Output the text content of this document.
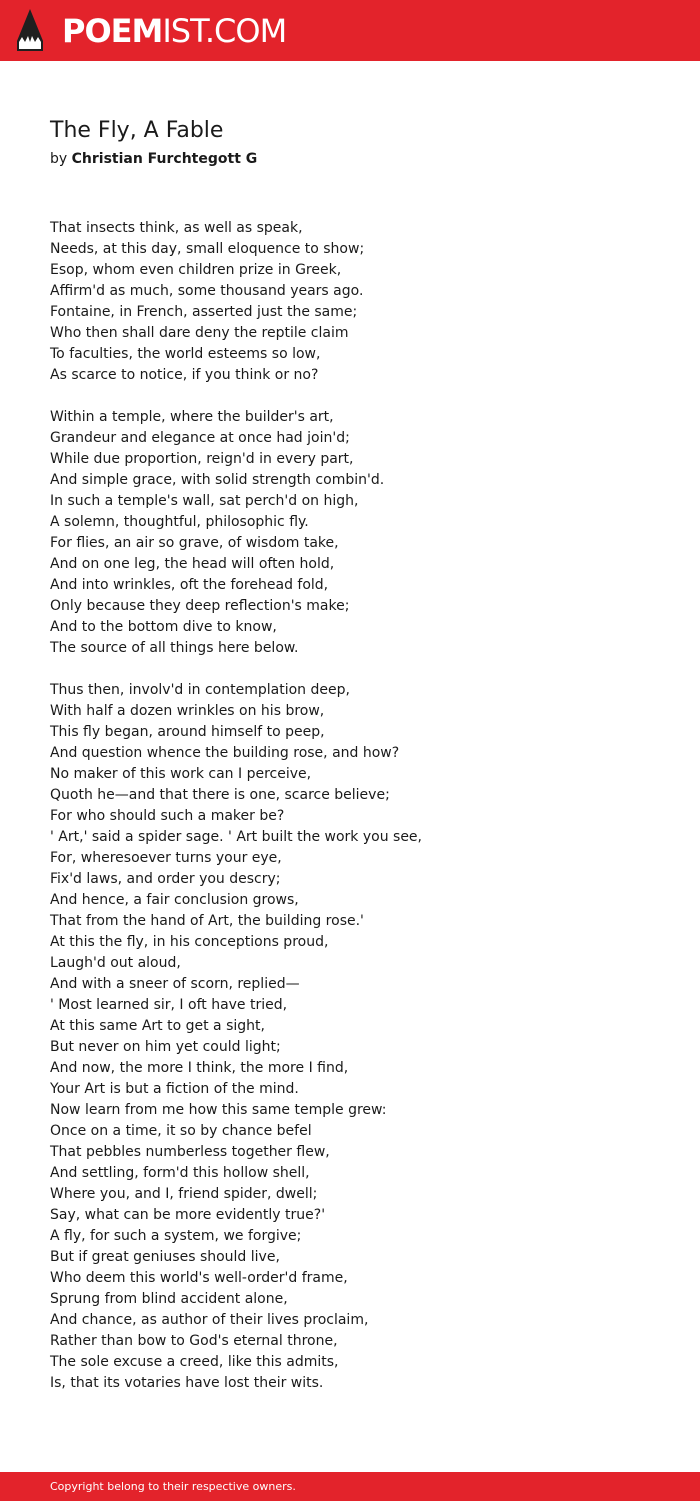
POEMIST.COM
The Fly, A Fable
by Christian Furchtegott G
That insects think, as well as speak,
Needs, at this day, small eloquence to show;
Esop, whom even children prize in Greek,
Affirm'd as much, some thousand years ago.
Fontaine, in French, asserted just the same;
Who then shall dare deny the reptile claim
To faculties, the world esteems so low,
As scarce to notice, if you think or no?
Within a temple, where the builder's art,
Grandeur and elegance at once had join'd;
While due proportion, reign'd in every part,
And simple grace, with solid strength combin'd.
In such a temple's wall, sat perch'd on high,
A solemn, thoughtful, philosophic fly.
For flies, an air so grave, of wisdom take,
And on one leg, the head will often hold,
And into wrinkles, oft the forehead fold,
Only because they deep reflection's make;
And to the bottom dive to know,
The source of all things here below.
Thus then, involv'd in contemplation deep,
With half a dozen wrinkles on his brow,
This fly began, around himself to peep,
And question whence the building rose, and how?
No maker of this work can I perceive,
Quoth he—and that there is one, scarce believe;
For who should such a maker be?
' Art,' said a spider sage. ' Art built the work you see,
For, wheresoever turns your eye,
Fix'd laws, and order you descry;
And hence, a fair conclusion grows,
That from the hand of Art, the building rose.'
At this the fly, in his conceptions proud,
Laugh'd out aloud,
And with a sneer of scorn, replied—
' Most learned sir, I oft have tried,
At this same Art to get a sight,
But never on him yet could light;
And now, the more I think, the more I find,
Your Art is but a fiction of the mind.
Now learn from me how this same temple grew:
Once on a time, it so by chance befel
That pebbles numberless together flew,
And settling, form'd this hollow shell,
Where you, and I, friend spider, dwell;
Say, what can be more evidently true?'
A fly, for such a system, we forgive;
But if great geniuses should live,
Who deem this world's well-order'd frame,
Sprung from blind accident alone,
And chance, as author of their lives proclaim,
Rather than bow to God's eternal throne,
The sole excuse a creed, like this admits,
Is, that its votaries have lost their wits.
Copyright belong to their respective owners.
